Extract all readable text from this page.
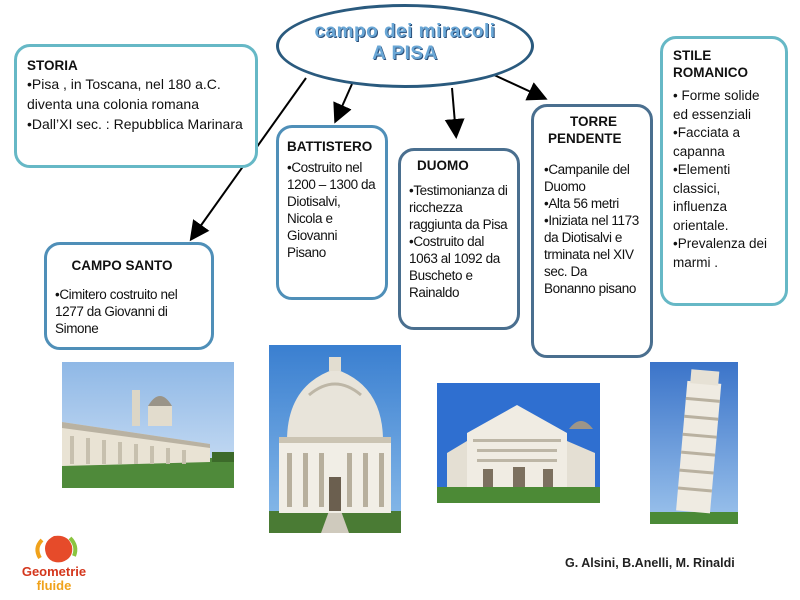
campo dei miracoli
A PISA
STORIA

•Pisa , in Toscana, nel 180 a.C. diventa una colonia romana

•Dall’XI sec. : Repubblica Marinara

CAMPO SANTO

•Cimitero costruito nel 1277 da Giovanni di Simone

BATTISTERO

•Costruito nel 1200 – 1300 da Diotisalvi, Nicola e Giovanni Pisano

DUOMO

•Testimonianza di ricchezza raggiunta da Pisa

•Costruito dal 1063 al 1092 da Buscheto e Rainaldo

TORRE
PENDENTE

•Campanile del Duomo

•Alta 56 metri

•Iniziata nel 1173 da Diotisalvi e trminata nel XIV sec. Da Bonanno pisano

STILE
ROMANICO

• Forme solide ed essenziali

•Facciata a capanna

•Elementi classici, influenza orientale.

•Prevalenza dei marmi .

Geometrie
fluide
G. Alsini, B.Anelli, M. Rinaldi
